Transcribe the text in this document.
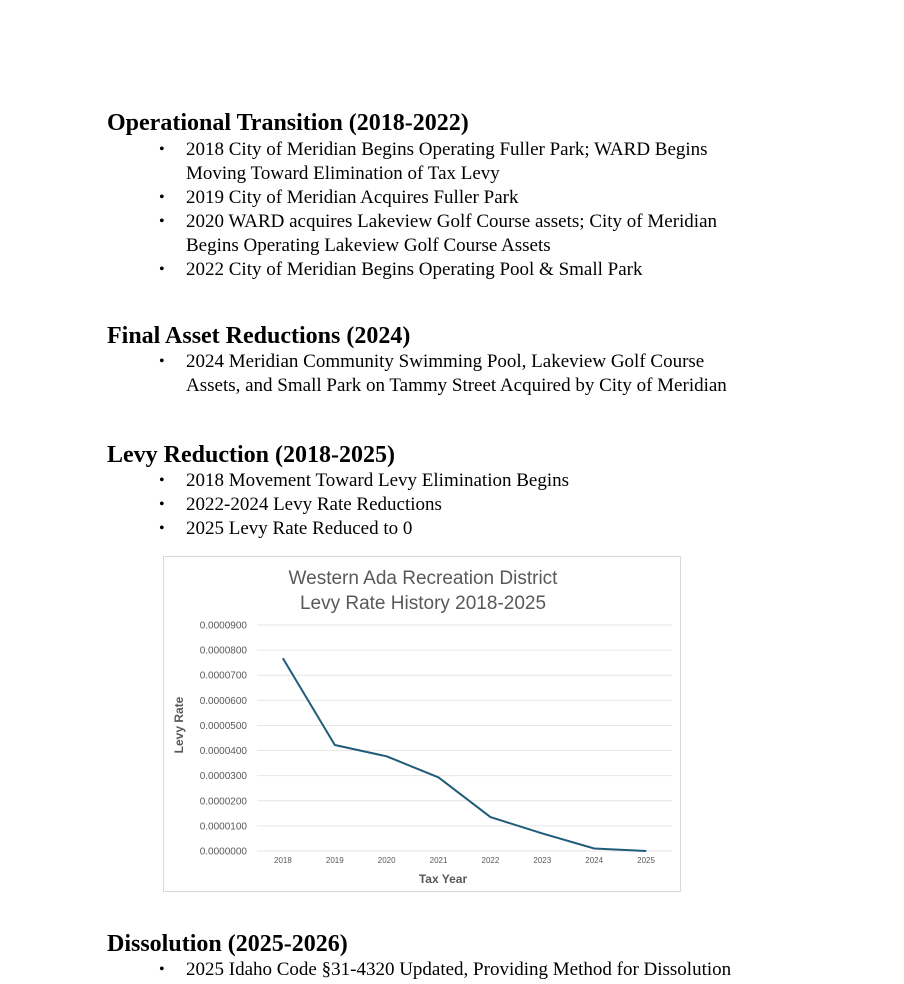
Operational Transition (2018-2022)
• 2018 City of Meridian Begins Operating Fuller Park; WARD Begins
Moving Toward Elimination of Tax Levy
• 2019 City of Meridian Acquires Fuller Park
• 2020 WARD acquires Lakeview Golf Course assets; City of Meridian
Begins Operating Lakeview Golf Course Assets
• 2022 City of Meridian Begins Operating Pool & Small Park
Final Asset Reductions (2024)
• 2024 Meridian Community Swimming Pool, Lakeview Golf Course
Assets, and Small Park on Tammy Street Acquired by City of Meridian
Levy Reduction (2018-2025)
• 2018 Movement Toward Levy Elimination Begins
• 2022-2024 Levy Rate Reductions
• 2025 Levy Rate Reduced to 0
Western Ada Recreation District
Levy Rate History 2018-2025
0.0000000
0.0000100
0.0000200
0.0000300
0.0000400
0.0000500
0.0000600
0.0000700
0.0000800
0.0000900
2018	2019	2020	2021	2022	2023	2024	2025
Levy Rate
Tax Year
Dissolution (2025-2026)
• 2025 Idaho Code §31-4320 Updated, Providing Method for Dissolution
